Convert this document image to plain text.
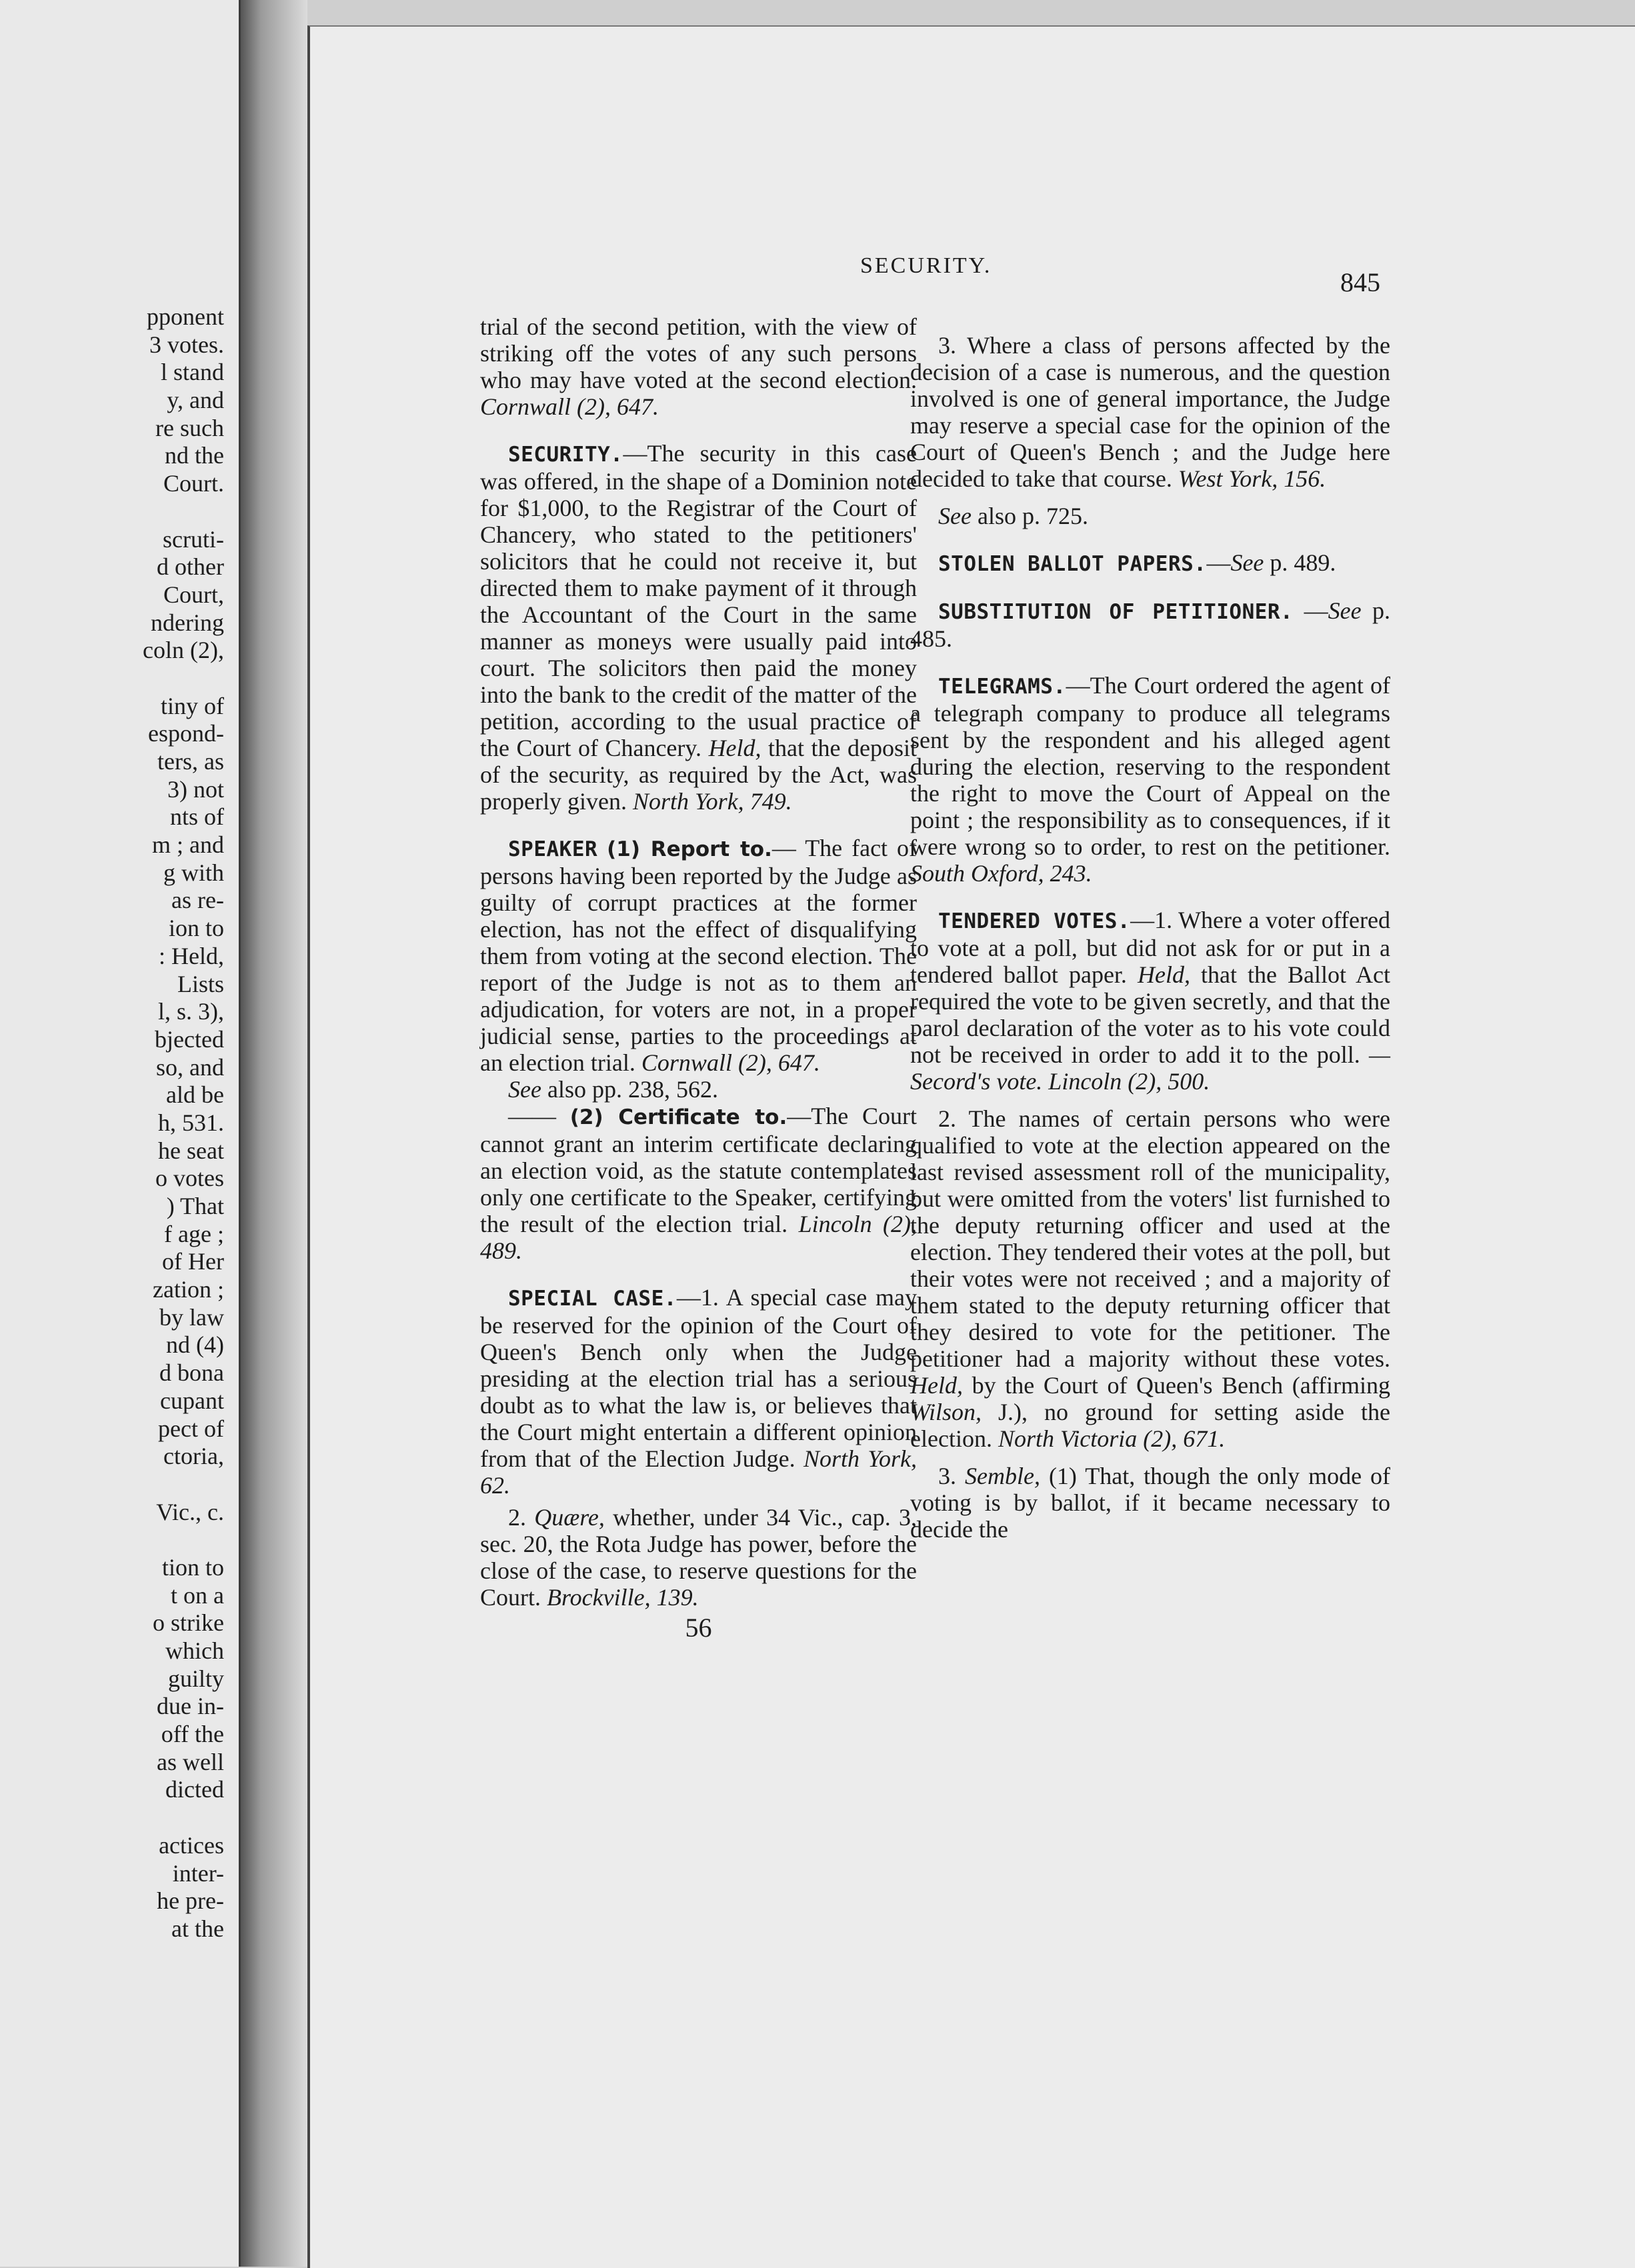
pponent
3 votes.
l stand
y, and
re such
nd the
Court.
scruti-
d other
Court,
ndering
coln (2),
tiny of
espond-
ters, as
3) not
nts of
m ; and
g with
as re-
ion to
: Held,
Lists
l, s. 3),
bjected
so, and
ald be
h, 531.
he seat
o votes
) That
f age ;
of Her
zation ;
by law
nd (4)
d bona
cupant
pect of
ctoria,
Vic., c.
tion to
t on a
o strike
which
guilty
due in-
off the
as well
dicted
actices
inter-
he pre-
at the
SECURITY.
845

trial of the second petition, with the view of striking off the votes of any such persons who may have voted at the second election. Cornwall (2), 647.

SECURITY.—The security in this case was offered, in the shape of a Dominion note for $1,000, to the Registrar of the Court of Chancery, who stated to the petitioners' solicitors that he could not receive it, but directed them to make payment of it through the Accountant of the Court in the same manner as moneys were usually paid into court. The solicitors then paid the money into the bank to the credit of the matter of the petition, according to the usual practice of the Court of Chancery. Held, that the deposit of the security, as required by the Act, was properly given. North York, 749.

SPEAKER (1) Report to.— The fact of persons having been reported by the Judge as guilty of corrupt practices at the former election, has not the effect of disqualifying them from voting at the second election. The report of the Judge is not as to them an adjudication, for voters are not, in a proper judicial sense, parties to the proceedings at an election trial. Cornwall (2), 647.

See also pp. 238, 562.

—— (2) Certificate to.—The Court cannot grant an interim certificate declaring an election void, as the statute contemplates only one certificate to the Speaker, certifying the result of the election trial. Lincoln (2), 489.

SPECIAL CASE.—1. A special case may be reserved for the opinion of the Court of Queen's Bench only when the Judge presiding at the election trial has a serious doubt as to what the law is, or believes that the Court might entertain a different opinion from that of the Election Judge. North York, 62.

2. Quære, whether, under 34 Vic., cap. 3, sec. 20, the Rota Judge has power, before the close of the case, to reserve questions for the Court. Brockville, 139.

56

3. Where a class of persons affected by the decision of a case is numerous, and the question involved is one of general importance, the Judge may reserve a special case for the opinion of the Court of Queen's Bench ; and the Judge here decided to take that course. West York, 156.

See also p. 725.

STOLEN BALLOT PAPERS.—See p. 489.

SUBSTITUTION OF PETITIONER. —See p. 485.

TELEGRAMS.—The Court ordered the agent of a telegraph company to produce all telegrams sent by the respondent and his alleged agent during the election, reserving to the respondent the right to move the Court of Appeal on the point ; the responsibility as to consequences, if it were wrong so to order, to rest on the petitioner. South Oxford, 243.

TENDERED VOTES.—1. Where a voter offered to vote at a poll, but did not ask for or put in a tendered ballot paper. Held, that the Ballot Act required the vote to be given secretly, and that the parol declaration of the voter as to his vote could not be received in order to add it to the poll. —Secord's vote. Lincoln (2), 500.

2. The names of certain persons who were qualified to vote at the election appeared on the last revised assessment roll of the municipality, but were omitted from the voters' list furnished to the deputy returning officer and used at the election. They tendered their votes at the poll, but their votes were not received ; and a majority of them stated to the deputy returning officer that they desired to vote for the petitioner. The petitioner had a majority without these votes. Held, by the Court of Queen's Bench (affirming Wilson, J.), no ground for setting aside the election. North Victoria (2), 671.

3. Semble, (1) That, though the only mode of voting is by ballot, if it became necessary to decide the
